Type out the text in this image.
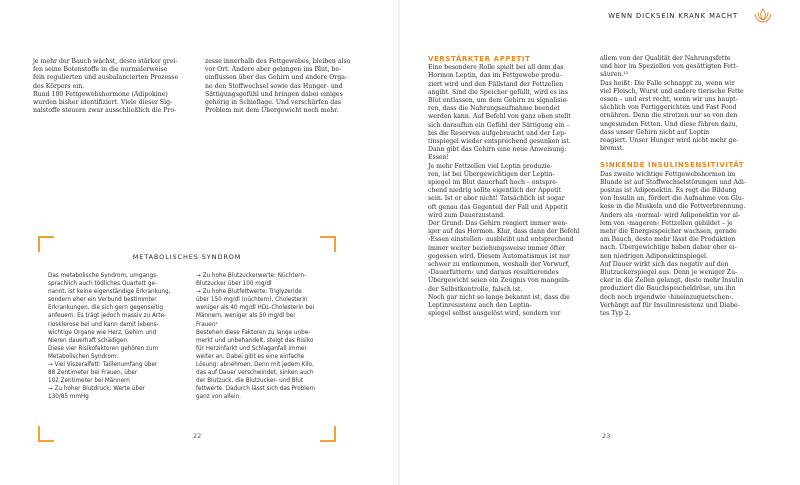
je mehr der Bauch wächst, desto stärker grei-

fen seine Botenstoffe in die normalerweise

fein regulierten und ausbalancierten Prozesse

des Körpers ein.

Rund 100 Fettgewebshormone (Adipokine)

wurden bisher identifiziert. Viele dieser Sig-

nalstoffe steuern zwar ausschließlich die Pro-

zesse innerhalb des Fettgewebes, bleiben also

vor Ort. Andere aber gelangen ins Blut, be-

einflussen über das Gehirn und andere Orga-

ne den Stoffwechsel sowie das Hunger- und

Sättigungsgefühl und bringen dabei einiges

gehörig in Schieflage. Und verschärfen das

Problem mit dem Übergewicht noch mehr.

METABOLISCHES SYNDROM

Das metabolische Syndrom, umgangs-

sprachlich auch tödliches Quartett ge-

nannt, ist keine eigenständige Erkrankung,

sondern eher ein Verbund bestimmter

Erkrankungen, die sich gern gegenseitig

anfeuern. Es trägt jedoch massiv zu Arte-

riosklerose bei und kann damit lebens-

wichtige Organe wie Herz, Gehirn und

Nieren dauerhaft schädigen.

Diese vier Risikofaktoren gehören zum

Metabolischen Syndrom:

→ Viel Viszeralfett: Taillenumfang über

88 Zentimeter bei Frauen, über

102 Zentimeter bei Männern

→ Zu hoher Blutdruck: Werte über

130/85 mmHg

→ Zu hohe Blutzuckerwerte: Nüchtern-

Blutzucker über 100 mg/dl

→ Zu hohe Blutfettwerte: Triglyzeride

über 150 mg/dl (nüchtern), Cholesterin

weniger als 40 mg/dl HDL-Cholesterin bei

Männern, weniger als 50 mg/dl bei

Frauen²

Bestehen diese Faktoren zu lange unbe-

merkt und unbehandelt, steigt das Risiko

für Herzinfarkt und Schlaganfall immer

weiter an. Dabei gibt es eine einfache

Lösung: abnehmen. Denn mit jedem Kilo,

das auf Dauer verschwindet, sinken auch

der Blutzuck, die Blutzucker- und Blut

fettwerte. Dadurch lässt sich das Problem

ganz von allein.

22
WENN DICKSEIN KRANK MACHT
VERSTÄRKTER APPETIT

Eine besondere Rolle spielt bei all dem das

Hormon Leptin, das im Fettgewebe produ-

ziert wird und den Füllstand der Fettzellen

angibt. Sind die Speicher gefüllt, wird es ins

Blut entlassen, um dem Gehirn zu signalisie-

ren, dass die Nahrungsaufnahme beendet

werden kann. Auf Befehl von ganz oben stellt

sich daraufhin ein Gefühl der Sättigung ein –

bis die Reserven aufgebraucht und der Lep-

tinspiegel wieder entsprechend gesunken ist.

Dann gibt das Gehirn eine neue Anweisung:

Essen!

Je mehr Fettzellen viel Leptin produzie-

ren, ist bei Übergewichtigen der Leptin-

spiegel im Blut dauerhaft hoch – entspre-

chend niedrig sollte eigentlich der Appetit

sein. Ist er aber nicht! Tatsächlich ist sogar

oft genau das Gegenteil der Fall und Appetit

wird zum Dauerzustand.

Der Grund: Das Gehirn reagiert immer wen-

iger auf das Hormon. Klar, dass dann der Befehl

›Essen einstellen‹ ausbleibt und entsprechend

immer weiter beziehungsweise immer öfter

gegessen wird. Diesem Automatismus ist nur

schwer zu entkommen, weshalb der Vorwurf,

›Dauerfuttern‹ und daraus resultierendes

Übergewicht seien ein Zeugnis von mangeln-

der Selbstkontrolle, falsch ist.

Noch gar nicht so lange bekannt ist, dass die

Leptinresistenz auch den Leptin-

spiegel selbst ausgelöst wird, sondern vor

allem von der Qualität der Nahrungsfette

und hier im Speziellen von gesättigten Fett-

säuren.¹²

Das heißt: Die Falle schnappt zu, wenn wir

viel Fleisch, Wurst und andere tierische Fette

essen – und erst recht, wenn wir uns haupt-

sächlich von Fertiggerichten und Fast Food

ernähren. Denn die strotzen nur so von den

ungesunden Fetten. Und diese führen dazu,

dass unser Gehirn nicht auf Leptin

reagiert. Unser Hunger wird nicht mehr ge-

bremst.

SINKENDE INSULINSENSITIVITÄT

Das zweite wichtige Fettgewebshormon im

Blunde ist auf Stoffwechselstörungen und Adi-

positas ist Adiponektin. Es regt die Bildung

von Insulin an, fördert die Aufnahme von Glu-

kose in die Muskeln und die Fettverbrennung.

Anders als ›normal‹ wird Adiponektin vor al-

lem von ›mageren‹ Fettzellen gebildet – je

mehr die Energiespeicher wachsen, gerade

am Bauch, desto mehr lässt die Produktion

nach. Übergewichtige haben daher eher ei-

nen niedrigen Adiponektinspiegel.

Auf Dauer wirkt sich das negativ auf den

Blutzuckerspiegel aus. Denn je weniger Zu-

cker in die Zellen gelangt, desto mehr Insulin

produziert die Bauchspeicheldrüse, um ihn

doch noch irgendwie ›hineinzuquetschen‹.

Verhängt auf für Insulinresistenz und Diabe-

tes Typ 2.

23
